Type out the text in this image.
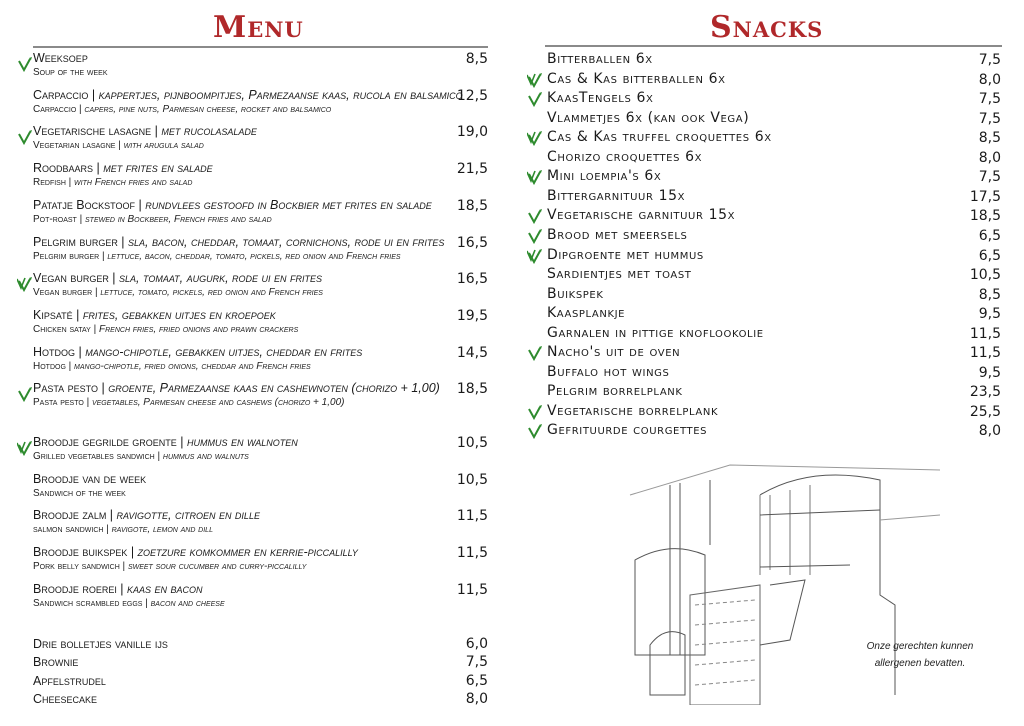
Menu
Weeksoep
Soup of the week
8,5
Carpaccio | kappertjes, pijnboompitjes, Parmezaanse kaas, rucola en balsamico
Carpaccio | capers, pine nuts, Parmesan cheese, rocket and balsamico
12,5
Vegetarische lasagne | met rucolasalade
Vegetarian lasagne | with arugula salad
19,0
Roodbaars | met frites en salade
Redfish | with French fries and salad
21,5
Patatje Bockstoof | rundvlees gestoofd in Bockbier met frites en salade
Pot-roast | stewed in Bockbeer, French fries and salad
18,5
Pelgrim burger | sla, bacon, cheddar, tomaat, cornichons, rode ui en frites
Pelgrim burger | lettuce, bacon, cheddar, tomato, pickels, red onion and French fries
16,5
Vegan burger | sla, tomaat, augurk, rode ui en frites
Vegan burger | lettuce, tomato, pickels, red onion and French fries
16,5
Kipsaté | frites, gebakken uitjes en kroepoek
Chicken satay | French fries, fried onions and prawn crackers
19,5
Hotdog | mango-chipotle, gebakken uitjes, cheddar en frites
Hotdog | mango-chipotle, fried onions, cheddar and French fries
14,5
Pasta pesto | groente, Parmezaanse kaas en cashewnoten (chorizo + 1,00)
Pasta pesto | vegetables, Parmesan cheese and cashews (chorizo + 1,00)
18,5
Broodje gegrilde groente | hummus en walnoten
Grilled vegetables sandwich | hummus and walnuts
10,5
Broodje van de week
Sandwich of the week
10,5
Broodje zalm | ravigotte, citroen en dille
salmon sandwich | ravigote, lemon and dill
11,5
Broodje buikspek | zoetzure komkommer en kerrie-piccalilly
Pork belly sandwich | sweet sour cucumber and curry-piccalilly
11,5
Broodje roerei | kaas en bacon
Sandwich scrambled eggs | bacon and cheese
11,5
Drie bolletjes vanille ijs	6,0
Brownie	7,5
Apfelstrudel	6,5
Cheesecake	8,0
Snacks
Bitterballen 6x	7,5
Cas & Kas bitterballen 6x	8,0
KaasTengels 6x	7,5
Vlammetjes 6x (kan ook Vega)	7,5
Cas & Kas truffel croquettes 6x	8,5
Chorizo croquettes 6x	8,0
Mini loempia's 6x	7,5
Bittergarnituur 15x	17,5
Vegetarische garnituur 15x	18,5
Brood met smeersels	6,5
Dipgroente met hummus	6,5
Sardientjes met toast	10,5
Buikspek	8,5
Kaasplankje	9,5
Garnalen in pittige knoflookolie	11,5
Nacho's uit de oven	11,5
Buffalo hot wings	9,5
Pelgrim borrelplank	23,5
Vegetarische borrelplank	25,5
Gefrituurde courgettes	8,0
Onze gerechten kunnen
allergenen bevatten.
